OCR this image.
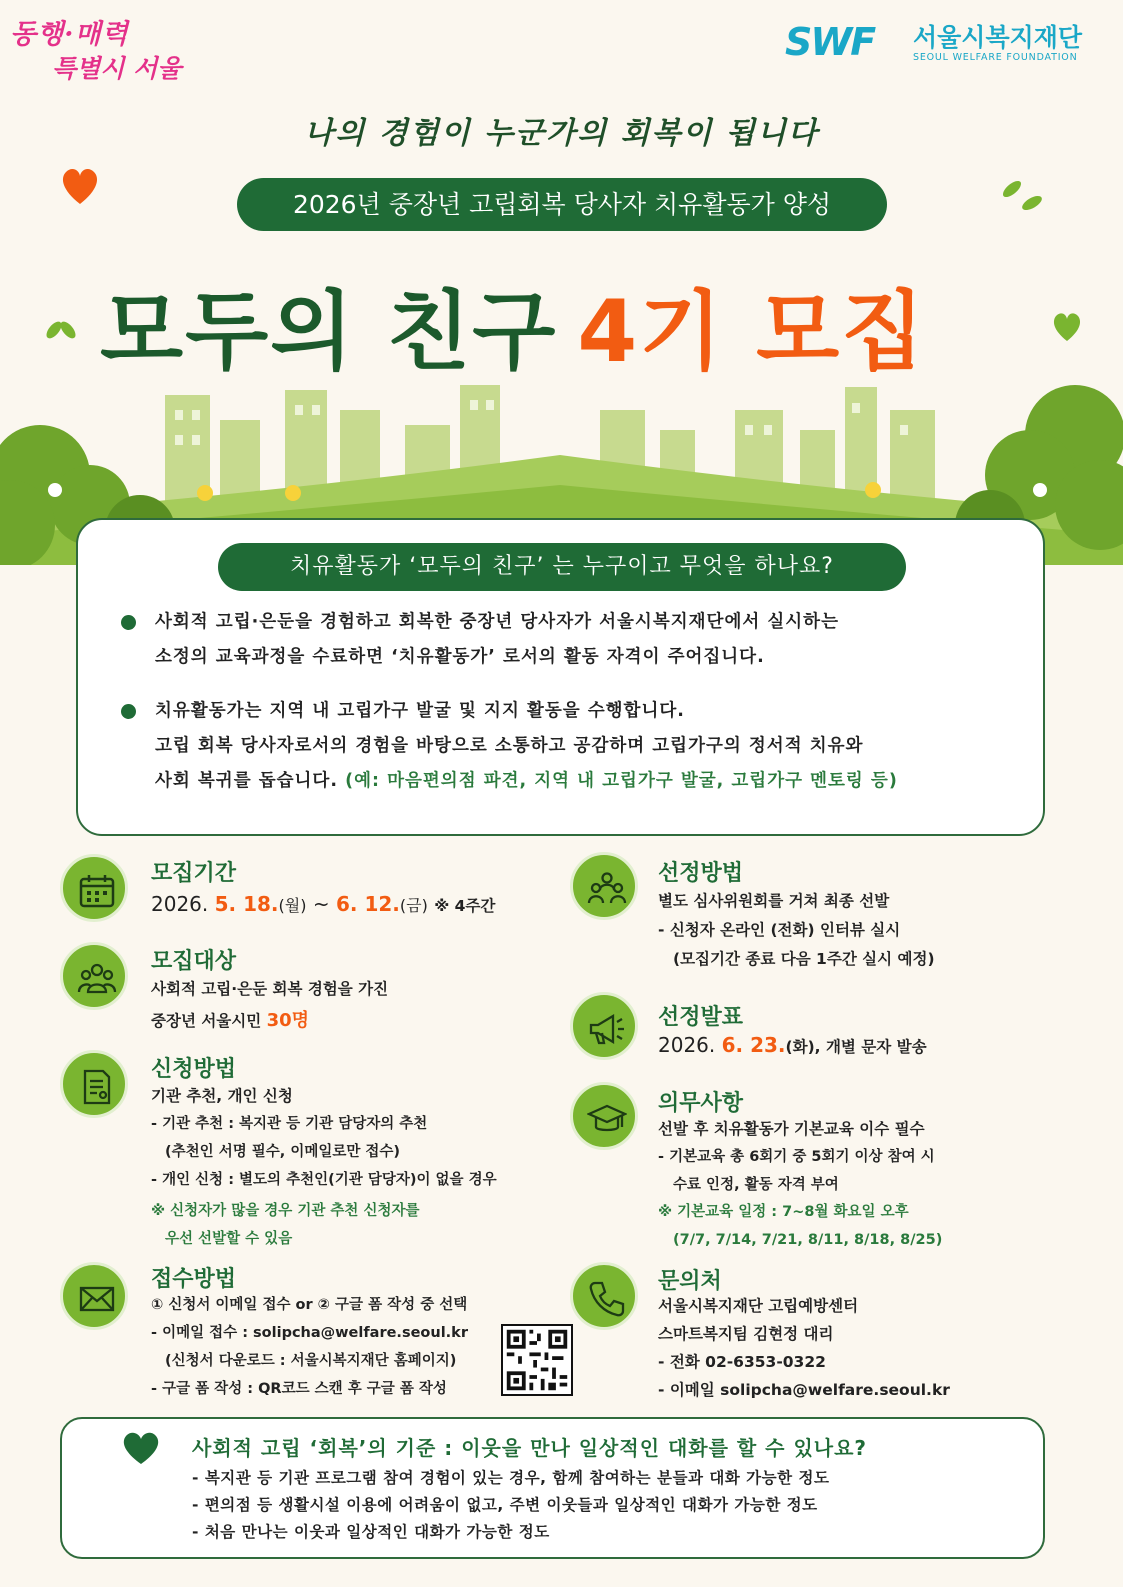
동행·매력
특별시 서울
SWF 서울시복지재단
SEOUL WELFARE FOUNDATION
나의 경험이 누군가의 회복이 됩니다
2026년 중장년 고립회복 당사자 치유활동가 양성
모두의 친구 4기 모집
치유활동가 ‘모두의 친구’ 는 누구이고 무엇을 하나요?
사회적 고립·은둔을 경험하고 회복한 중장년 당사자가 서울시복지재단에서 실시하는
소정의 교육과정을 수료하면 ‘치유활동가’ 로서의 활동 자격이 주어집니다.
치유활동가는 지역 내 고립가구 발굴 및 지지 활동을 수행합니다.
고립 회복 당사자로서의 경험을 바탕으로 소통하고 공감하며 고립가구의 정서적 치유와
사회 복귀를 돕습니다. (예: 마음편의점 파견, 지역 내 고립가구 발굴, 고립가구 멘토링 등)
모집기간
2026. 5. 18.(월) ~ 6. 12.(금) ※ 4주간
모집대상
사회적 고립·은둔 회복 경험을 가진
중장년 서울시민 30명
신청방법
기관 추천, 개인 신청
- 기관 추천 : 복지관 등 기관 담당자의 추천
(추천인 서명 필수, 이메일로만 접수)
- 개인 신청 : 별도의 추천인(기관 담당자)이 없을 경우
※ 신청자가 많을 경우 기관 추천 신청자를
우선 선발할 수 있음
접수방법
① 신청서 이메일 접수 or ② 구글 폼 작성 중 선택
- 이메일 접수 : solipcha@welfare.seoul.kr
(신청서 다운로드 : 서울시복지재단 홈페이지)
- 구글 폼 작성 : QR코드 스캔 후 구글 폼 작성
선정방법
별도 심사위원회를 거쳐 최종 선발
- 신청자 온라인 (전화) 인터뷰 실시
(모집기간 종료 다음 1주간 실시 예정)
선정발표
2026. 6. 23.(화), 개별 문자 발송
의무사항
선발 후 치유활동가 기본교육 이수 필수
- 기본교육 총 6회기 중 5회기 이상 참여 시
수료 인정, 활동 자격 부여
※ 기본교육 일정 : 7~8월 화요일 오후
(7/7, 7/14, 7/21, 8/11, 8/18, 8/25)
문의처
서울시복지재단 고립예방센터
스마트복지팀 김현정 대리
- 전화 02-6353-0322
- 이메일 solipcha@welfare.seoul.kr
사회적 고립 ‘회복’의 기준 : 이웃을 만나 일상적인 대화를 할 수 있나요?
- 복지관 등 기관 프로그램 참여 경험이 있는 경우, 함께 참여하는 분들과 대화 가능한 정도
- 편의점 등 생활시설 이용에 어려움이 없고, 주변 이웃들과 일상적인 대화가 가능한 정도
- 처음 만나는 이웃과 일상적인 대화가 가능한 정도
